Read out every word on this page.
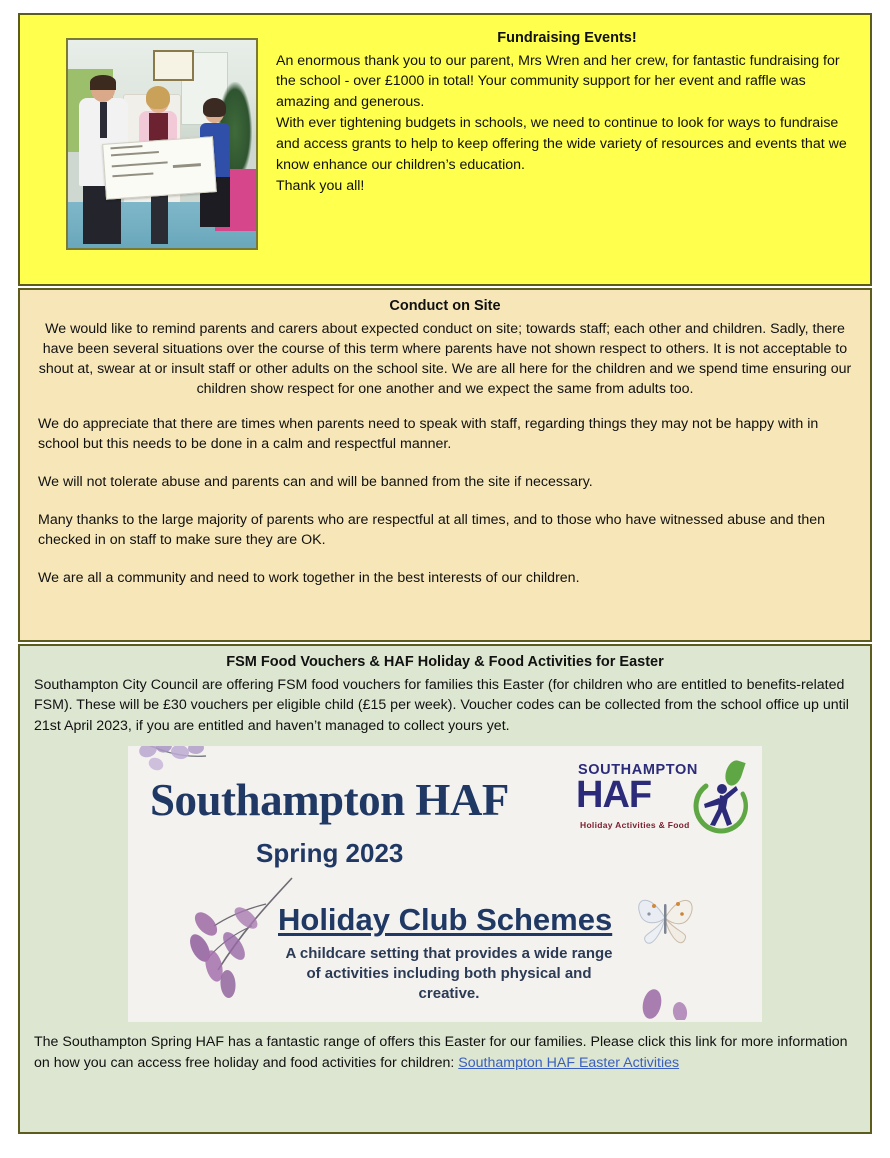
Fundraising Events!

An enormous thank you to our parent, Mrs Wren and her crew, for fantastic fundraising for the school - over £1000 in total! Your community support for her event and raffle was amazing and generous.

With ever tightening budgets in schools, we need to continue to look for ways to fundraise and access grants to help to keep offering the wide variety of resources and events that we know enhance our children’s education.

Thank you all!

Conduct on Site

We would like to remind parents and carers about expected conduct on site; towards staff; each other and children. Sadly, there have been several situations over the course of this term where parents have not shown respect to others. It is not acceptable to shout at, swear at or insult staff or other adults on the school site. We are all here for the children and we spend time ensuring our children show respect for one another and we expect the same from adults too.

We do appreciate that there are times when parents need to speak with staff, regarding things they may not be happy with in school but this needs to be done in a calm and respectful manner.

We will not tolerate abuse and parents can and will be banned from the site if necessary.

Many thanks to the large majority of parents who are respectful at all times, and to those who have witnessed abuse and then checked in on staff to make sure they are OK.

We are all a community and need to work together in the best interests of our children.

FSM Food Vouchers & HAF Holiday & Food Activities for Easter

Southampton City Council are offering FSM food vouchers for families this Easter (for children who are entitled to benefits-related FSM). These will be £30 vouchers per eligible child (£15 per week). Voucher codes can be collected from the school office up until 21st April 2023, if you are entitled and haven’t managed to collect yours yet.

Southampton HAF
Spring 2023
Holiday Club Schemes
A childcare setting that provides a wide range of activities including both physical and creative.
SOUTHAMPTON
HAF
Holiday Activities & Food

The Southampton Spring HAF has a fantastic range of offers this Easter for our families. Please click this link for more information on how you can access free holiday and food activities for children: Southampton HAF Easter Activities
